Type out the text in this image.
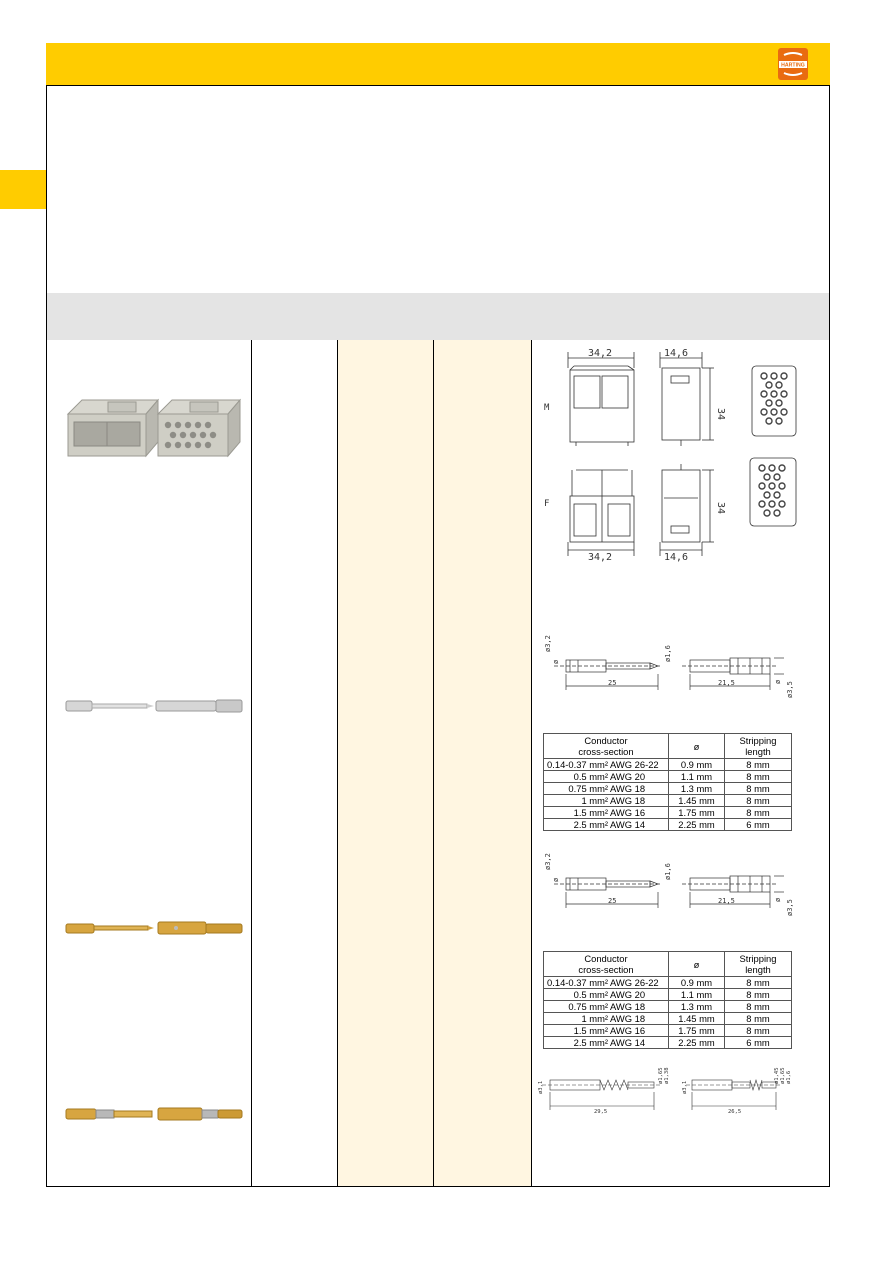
HARTING
M
F
34,2	14,6
34
34,2	14,6
34
ø3,2
ø	ø1,6
25	21,5	ø ø3,5
Conductor
cross-section		ø	Stripping
length
0.14-0.37 mm²	AWG 26-22	0.9 mm	8 mm
0.5 mm²	AWG 20	1.1 mm	8 mm
0.75 mm²	AWG 18	1.3 mm	8 mm
1 mm²	AWG 18	1.45 mm	8 mm
1.5 mm²	AWG 16	1.75 mm	8 mm
2.5 mm²	AWG 14	2.25 mm	6 mm
ø3,2
ø	ø1,6
25	21,5	ø ø3,5
Conductor
cross-section		ø	Stripping
length
0.14-0.37 mm²	AWG 26-22	0.9 mm	8 mm
0.5 mm²	AWG 20	1.1 mm	8 mm
0.75 mm²	AWG 18	1.3 mm	8 mm
1 mm²	AWG 18	1.45 mm	8 mm
1.5 mm²	AWG 16	1.75 mm	8 mm
2.5 mm²	AWG 14	2.25 mm	6 mm
ø3,1
ø1,65 ø1,38
29,5
ø3,1
ø1,45 ø1,65 ø1,6
26,5
